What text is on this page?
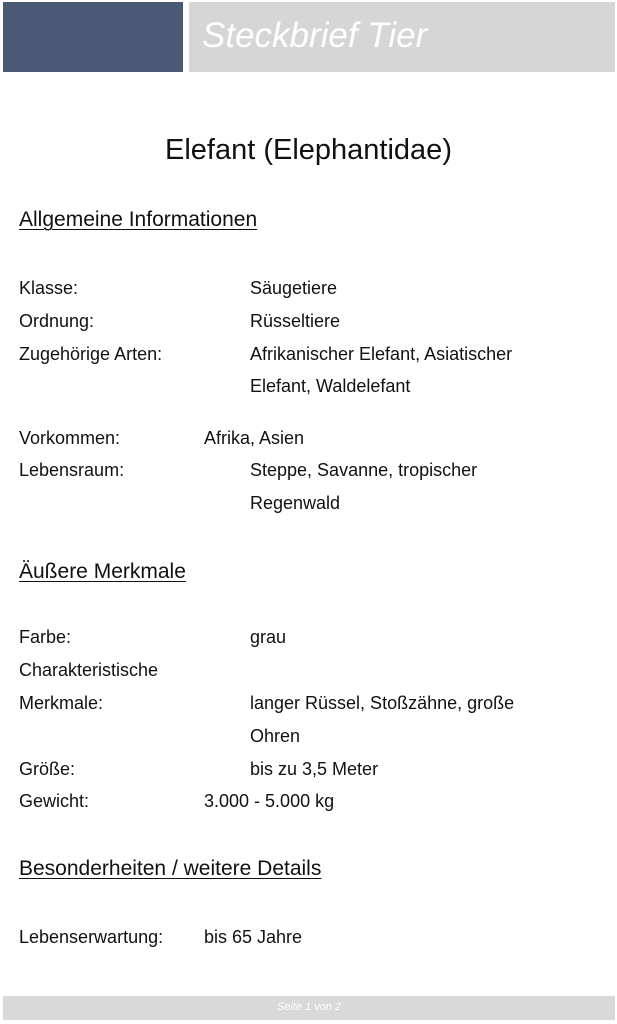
Steckbrief Tier
Elefant (Elephantidae)
Allgemeine Informationen
Klasse:	Säugetiere
Ordnung:	Rüsseltiere
Zugehörige Arten:	Afrikanischer Elefant, Asiatischer
Elefant, Waldelefant
Vorkommen:	Afrika, Asien
Lebensraum:	Steppe, Savanne, tropischer
Regenwald
Äußere Merkmale
Farbe:	grau
Charakteristische
Merkmale:	langer Rüssel, Stoßzähne, große
Ohren
Größe:	bis zu 3,5 Meter
Gewicht:	3.000 - 5.000 kg
Besonderheiten / weitere Details
Lebenserwartung: bis 65 Jahre
Seite 1 von 2
